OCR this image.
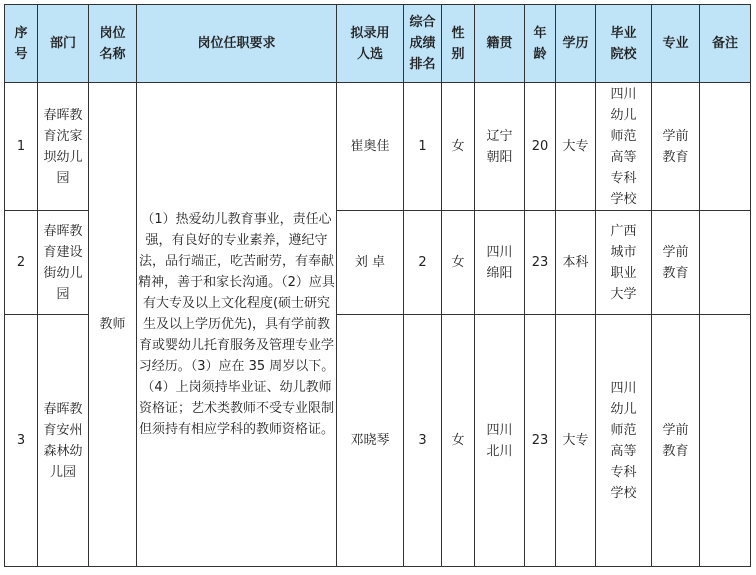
序号	部门	岗位名称	岗位任职要求	拟录用人选	综合成绩排名	性别	籍贯	年龄	学历	毕业院校	专业	备注
1	春晖教育沈家坝幼儿园	教师	（1）热爱幼儿教育事业，责任心强，有良好的专业素养，遵纪守法，品行端正，吃苦耐劳，有奉献精神，善于和家长沟通。（2）应具有大专及以上文化程度(硕士研究生及以上学历优先)，具有学前教育或婴幼儿托育服务及管理专业学习经历。（3）应在 35 周岁以下。（4）上岗须持毕业证、幼儿教师资格证；艺术类教师不受专业限制但须持有相应学科的教师资格证。	崔奥佳	1	女	辽宁朝阳	20	大专	四川幼儿师范高等专科学校	学前教育	
2	春晖教育建设街幼儿园			刘 卓	2	女	四川绵阳	23	本科	广西城市职业大学	学前教育	
3	春晖教育安州森林幼儿园			邓晓琴	3	女	四川北川	23	大专	四川幼儿师范高等专科学校	学前教育	
